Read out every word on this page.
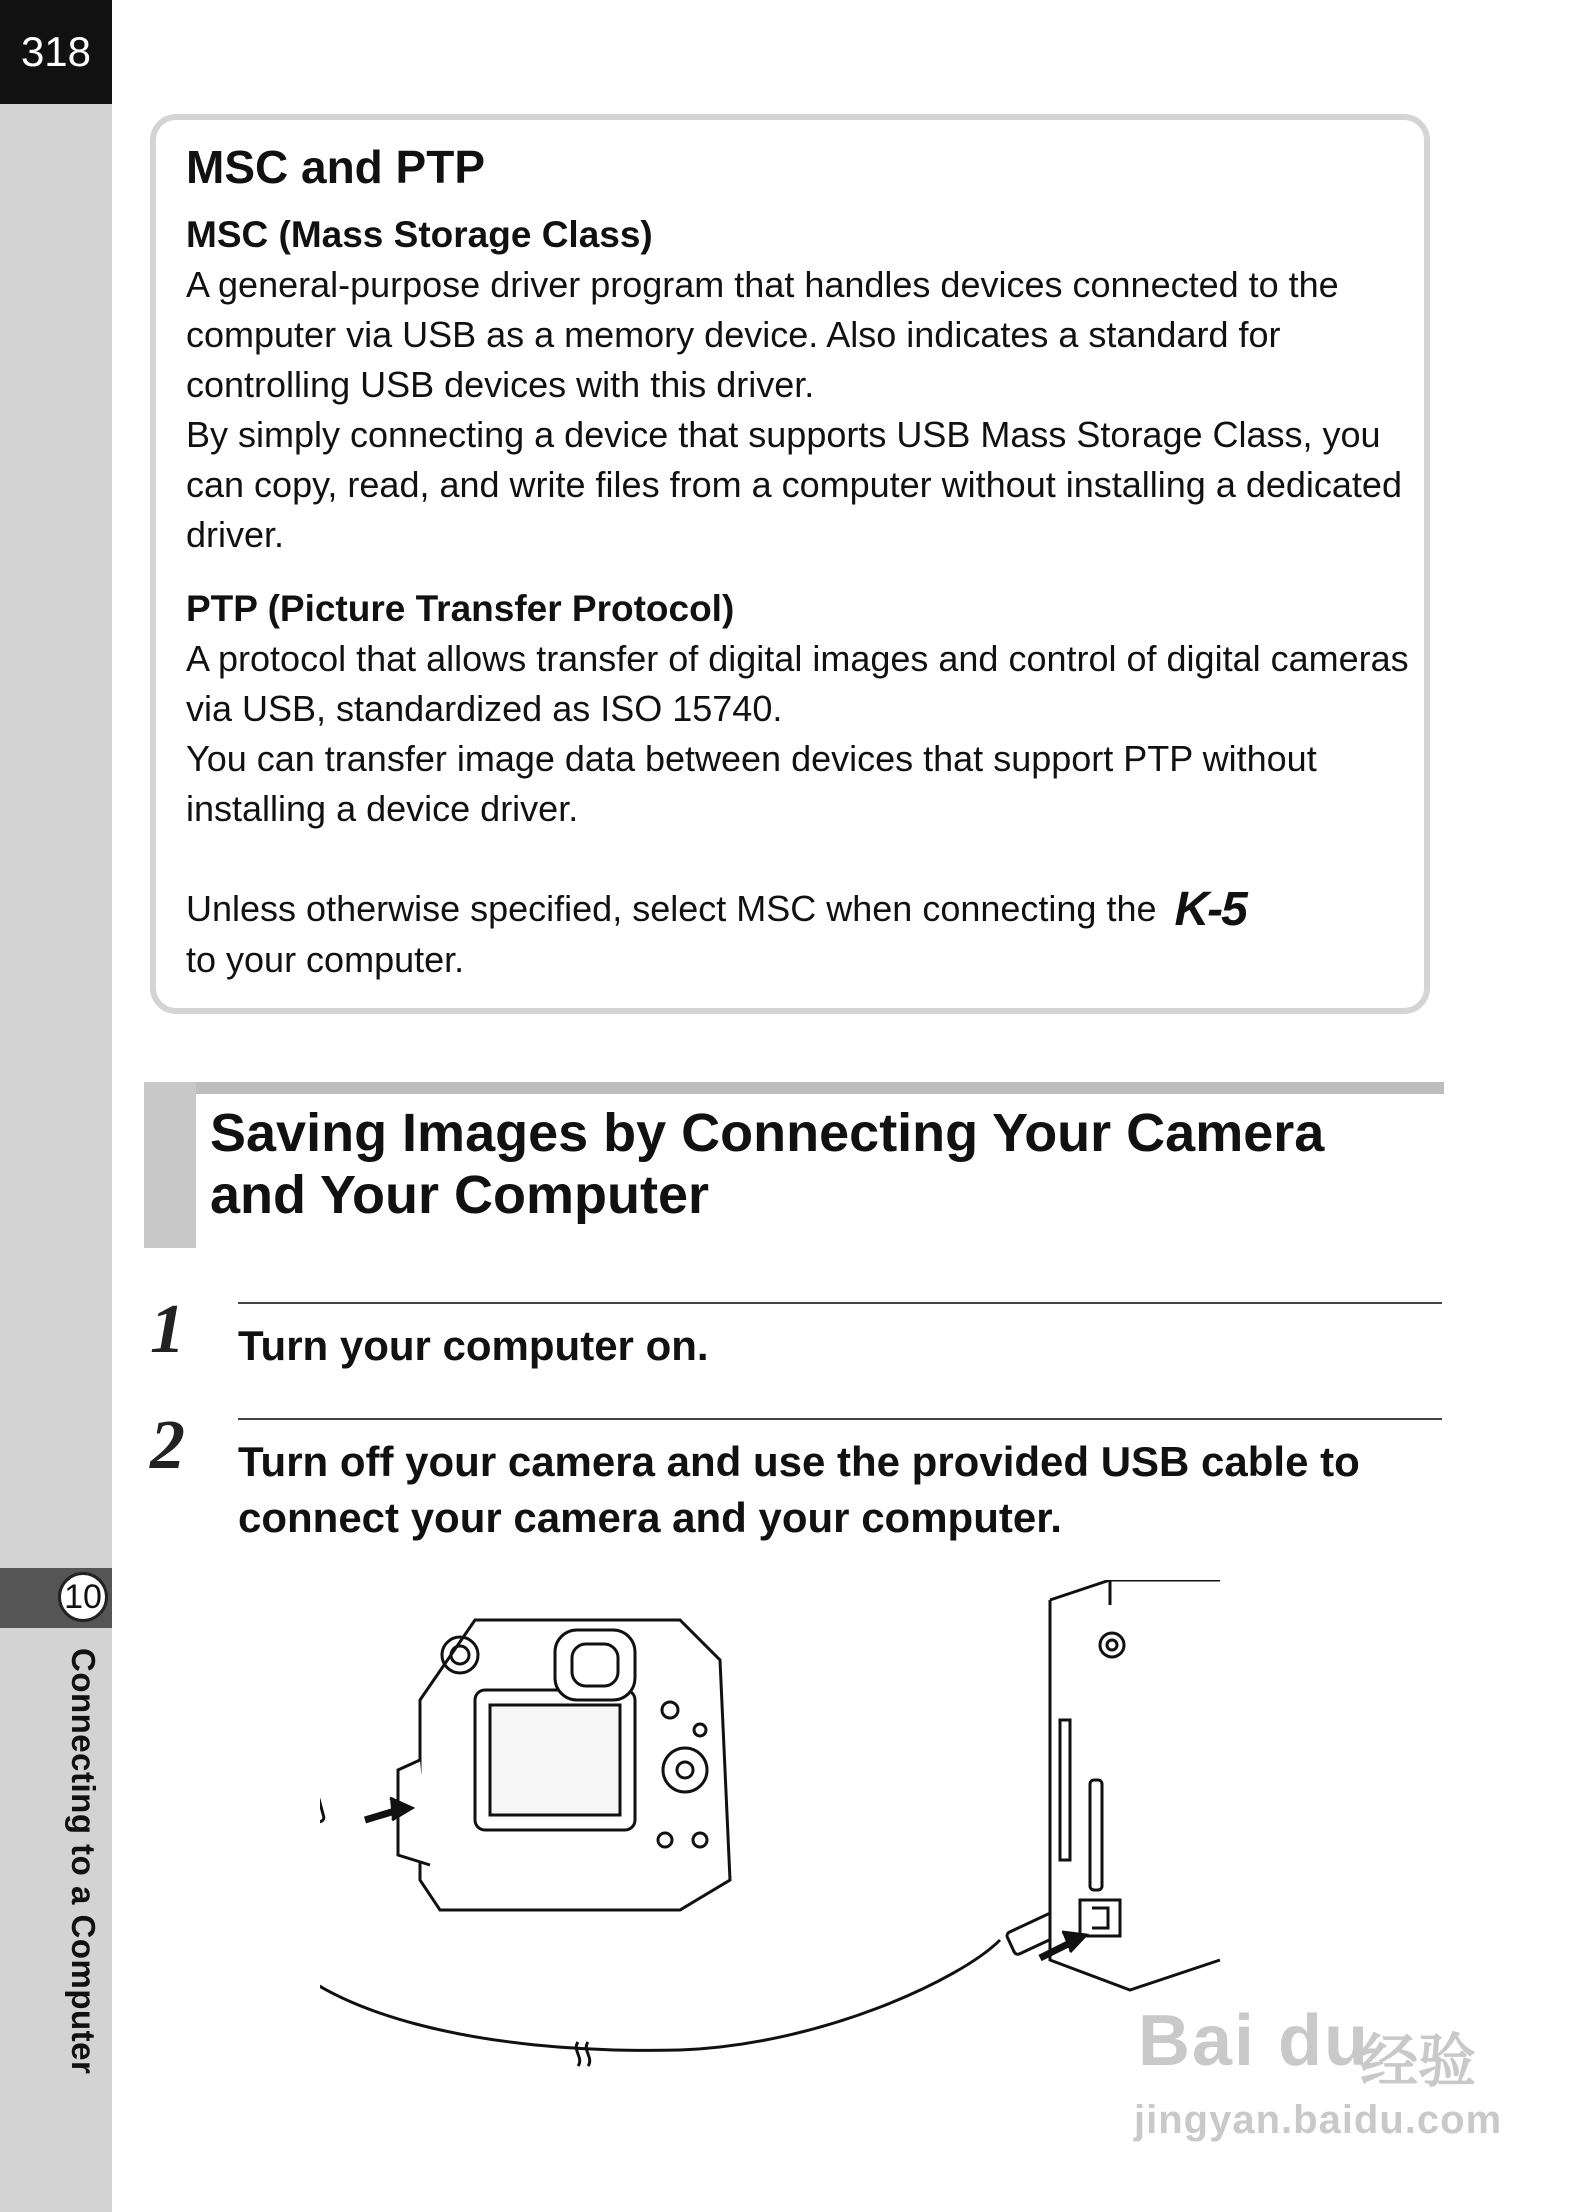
318
10
Connecting to a Computer
MSC and PTP
MSC (Mass Storage Class)
A general-purpose driver program that handles devices connected to the computer via USB as a memory device. Also indicates a standard for controlling USB devices with this driver.
By simply connecting a device that supports USB Mass Storage Class, you can copy, read, and write files from a computer without installing a dedicated driver.
PTP (Picture Transfer Protocol)
A protocol that allows transfer of digital images and control of digital cameras via USB, standardized as ISO 15740.
You can transfer image data between devices that support PTP without installing a device driver.
Unless otherwise specified, select MSC when connecting the K-5
to your computer.
Saving Images by Connecting Your Camera and Your Computer
1 Turn your computer on.
2 Turn off your camera and use the provided USB cable to connect your camera and your computer.
Bai du
经验
jingyan.baidu.com
